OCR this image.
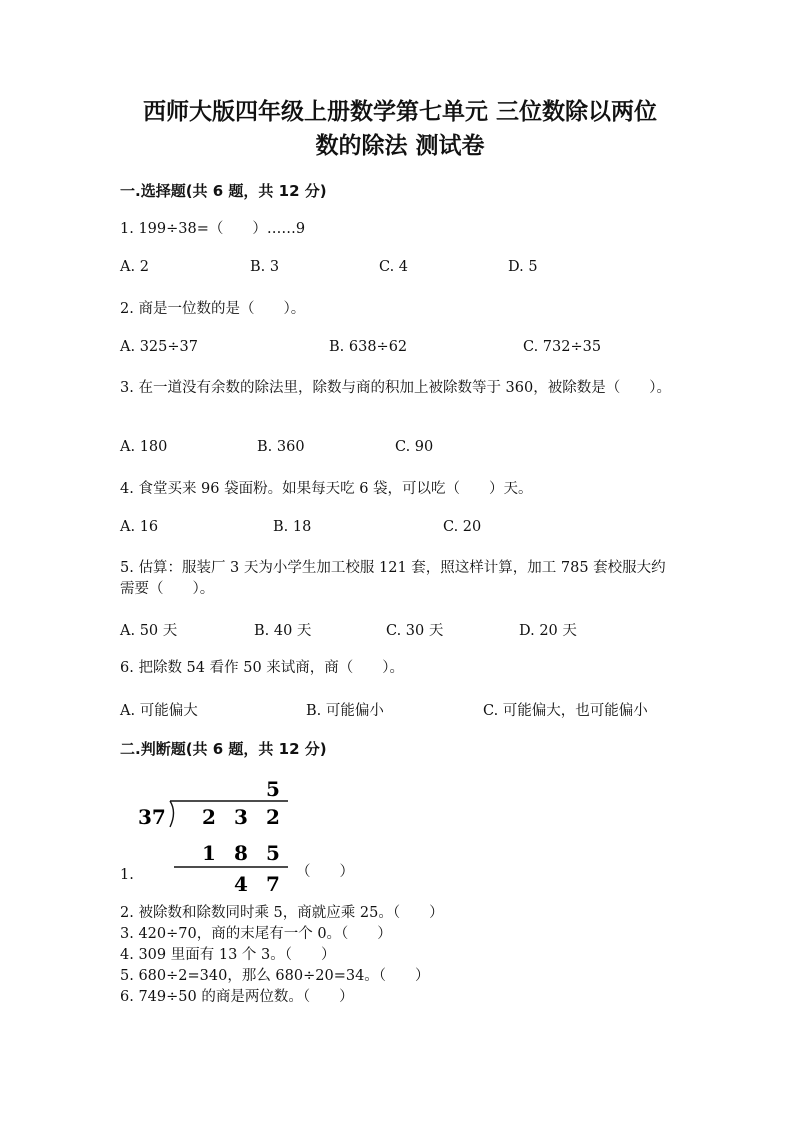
西师大版四年级上册数学第七单元 三位数除以两位
数的除法 测试卷
一.选择题(共 6 题，共 12 分)
1. 199÷38=（　　）……9
A. 2	B. 3	C. 4	D. 5
2. 商是一位数的是（　　）。
A. 325÷37	B. 638÷62	C. 732÷35
3. 在一道没有余数的除法里，除数与商的积加上被除数等于 360，被除数是（　　）。
A. 180	B. 360	C. 90
4. 食堂买来 96 袋面粉。如果每天吃 6 袋，可以吃（　　）天。
A. 16	B. 18	C. 20
5. 估算：服装厂 3 天为小学生加工校服 121 套，照这样计算，加工 785 套校服大约需要（　　）。
A. 50 天	B. 40 天	C. 30 天	D. 20 天
6. 把除数 54 看作 50 来试商，商（　　）。
A. 可能偏大	B. 可能偏小	C. 可能偏大，也可能偏小
二.判断题(共 6 题，共 12 分)
1.
5
37 2 3 2
1 8 5
4 7 （　　）
2. 被除数和除数同时乘 5，商就应乘 25。（　　）
3. 420÷70，商的末尾有一个 0。（　　）
4. 309 里面有 13 个 3。（　　）
5. 680÷2=340，那么 680÷20=34。（　　）
6. 749÷50 的商是两位数。（　　）
